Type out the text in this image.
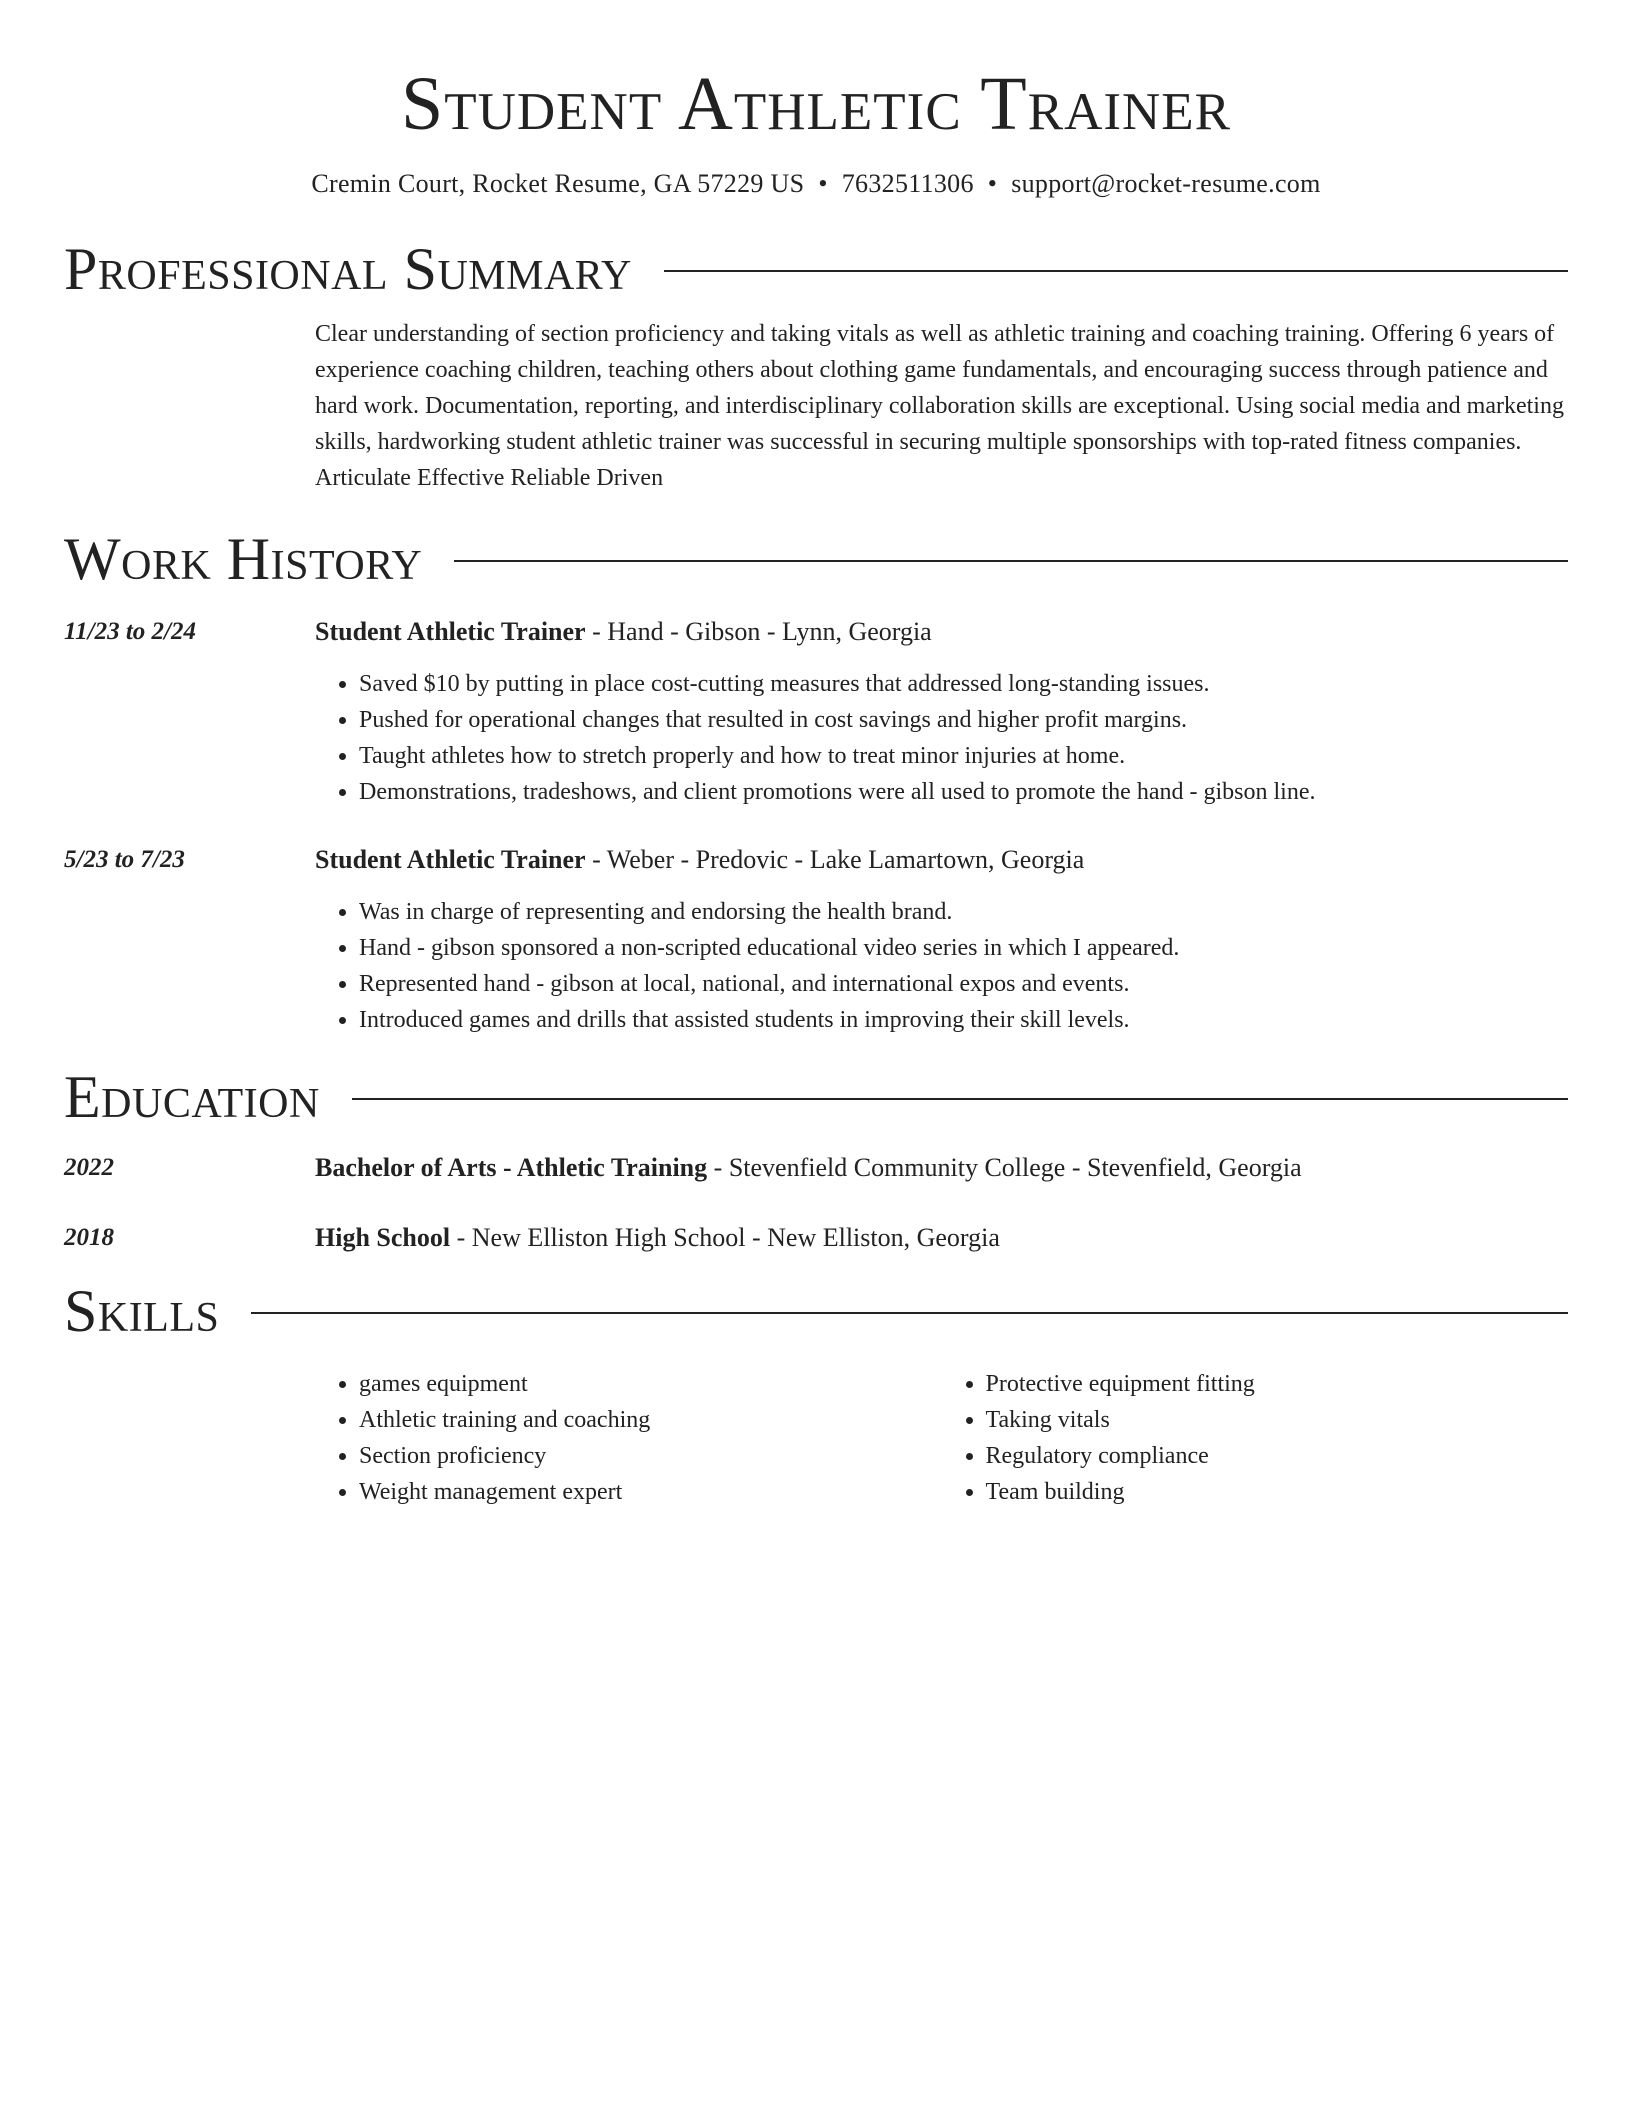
Student Athletic Trainer
Cremin Court, Rocket Resume, GA 57229 US • 7632511306 • support@rocket-resume.com
Professional Summary
Clear understanding of section proficiency and taking vitals as well as athletic training and coaching training. Offering 6 years of experience coaching children, teaching others about clothing game fundamentals, and encouraging success through patience and hard work. Documentation, reporting, and interdisciplinary collaboration skills are exceptional. Using social media and marketing skills, hardworking student athletic trainer was successful in securing multiple sponsorships with top-rated fitness companies. Articulate Effective Reliable Driven
Work History
11/23 to 2/24	Student Athletic Trainer - Hand - Gibson - Lynn, Georgia
• Saved $10 by putting in place cost-cutting measures that addressed long-standing issues.
• Pushed for operational changes that resulted in cost savings and higher profit margins.
• Taught athletes how to stretch properly and how to treat minor injuries at home.
• Demonstrations, tradeshows, and client promotions were all used to promote the hand - gibson line.
5/23 to 7/23	Student Athletic Trainer - Weber - Predovic - Lake Lamartown, Georgia
• Was in charge of representing and endorsing the health brand.
• Hand - gibson sponsored a non-scripted educational video series in which I appeared.
• Represented hand - gibson at local, national, and international expos and events.
• Introduced games and drills that assisted students in improving their skill levels.
Education
2022	Bachelor of Arts - Athletic Training - Stevenfield Community College - Stevenfield, Georgia
2018	High School - New Elliston High School - New Elliston, Georgia
Skills
• games equipment
• Athletic training and coaching
• Section proficiency
• Weight management expert
• Protective equipment fitting
• Taking vitals
• Regulatory compliance
• Team building
